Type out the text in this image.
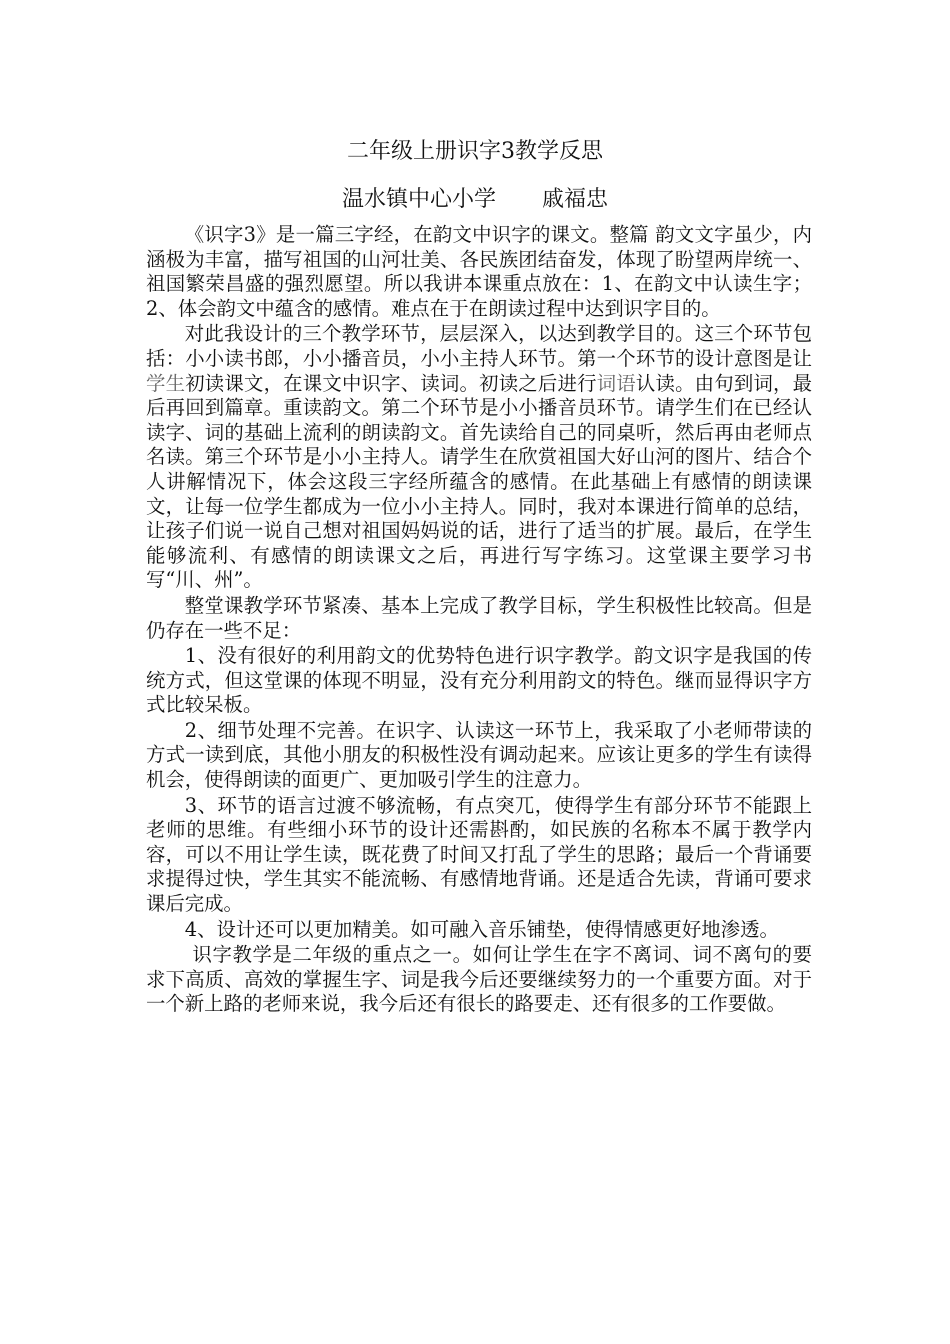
二年级上册识字3教学反思
温水镇中心小学 戚福忠

《识字3》是一篇三字经，在韵文中识字的课文。整篇 韵文文字虽少，内涵极为丰富，描写祖国的山河壮美、各民族团结奋发，体现了盼望两岸统一、祖国繁荣昌盛的强烈愿望。所以我讲本课重点放在：1、在韵文中认读生字；2、体会韵文中蕴含的感情。难点在于在朗读过程中达到识字目的。

对此我设计的三个教学环节，层层深入，以达到教学目的。这三个环节包括：小小读书郎，小小播音员，小小主持人环节。第一个环节的设计意图是让学生初读课文，在课文中识字、读词。初读之后进行词语认读。由句到词，最后再回到篇章。重读韵文。第二个环节是小小播音员环节。请学生们在已经认读字、词的基础上流利的朗读韵文。首先读给自己的同桌听，然后再由老师点名读。第三个环节是小小主持人。请学生在欣赏祖国大好山河的图片、结合个人讲解情况下，体会这段三字经所蕴含的感情。在此基础上有感情的朗读课文，让每一位学生都成为一位小小主持人。同时，我对本课进行简单的总结，让孩子们说一说自己想对祖国妈妈说的话，进行了适当的扩展。最后，在学生能够流利、有感情的朗读课文之后，再进行写字练习。这堂课主要学习书写“川、州”。

整堂课教学环节紧凑、基本上完成了教学目标，学生积极性比较高。但是仍存在一些不足：

1、没有很好的利用韵文的优势特色进行识字教学。韵文识字是我国的传统方式，但这堂课的体现不明显，没有充分利用韵文的特色。继而显得识字方式比较呆板。

2、细节处理不完善。在识字、认读这一环节上，我采取了小老师带读的方式一读到底，其他小朋友的积极性没有调动起来。应该让更多的学生有读得机会，使得朗读的面更广、更加吸引学生的注意力。

3、环节的语言过渡不够流畅，有点突兀，使得学生有部分环节不能跟上老师的思维。有些细小环节的设计还需斟酌，如民族的名称本不属于教学内容，可以不用让学生读，既花费了时间又打乱了学生的思路；最后一个背诵要求提得过快，学生其实不能流畅、有感情地背诵。还是适合先读，背诵可要求课后完成。

4、设计还可以更加精美。如可融入音乐铺垫，使得情感更好地渗透。

识字教学是二年级的重点之一。如何让学生在字不离词、词不离句的要求下高质、高效的掌握生字、词是我今后还要继续努力的一个重要方面。对于一个新上路的老师来说，我今后还有很长的路要走、还有很多的工作要做。
